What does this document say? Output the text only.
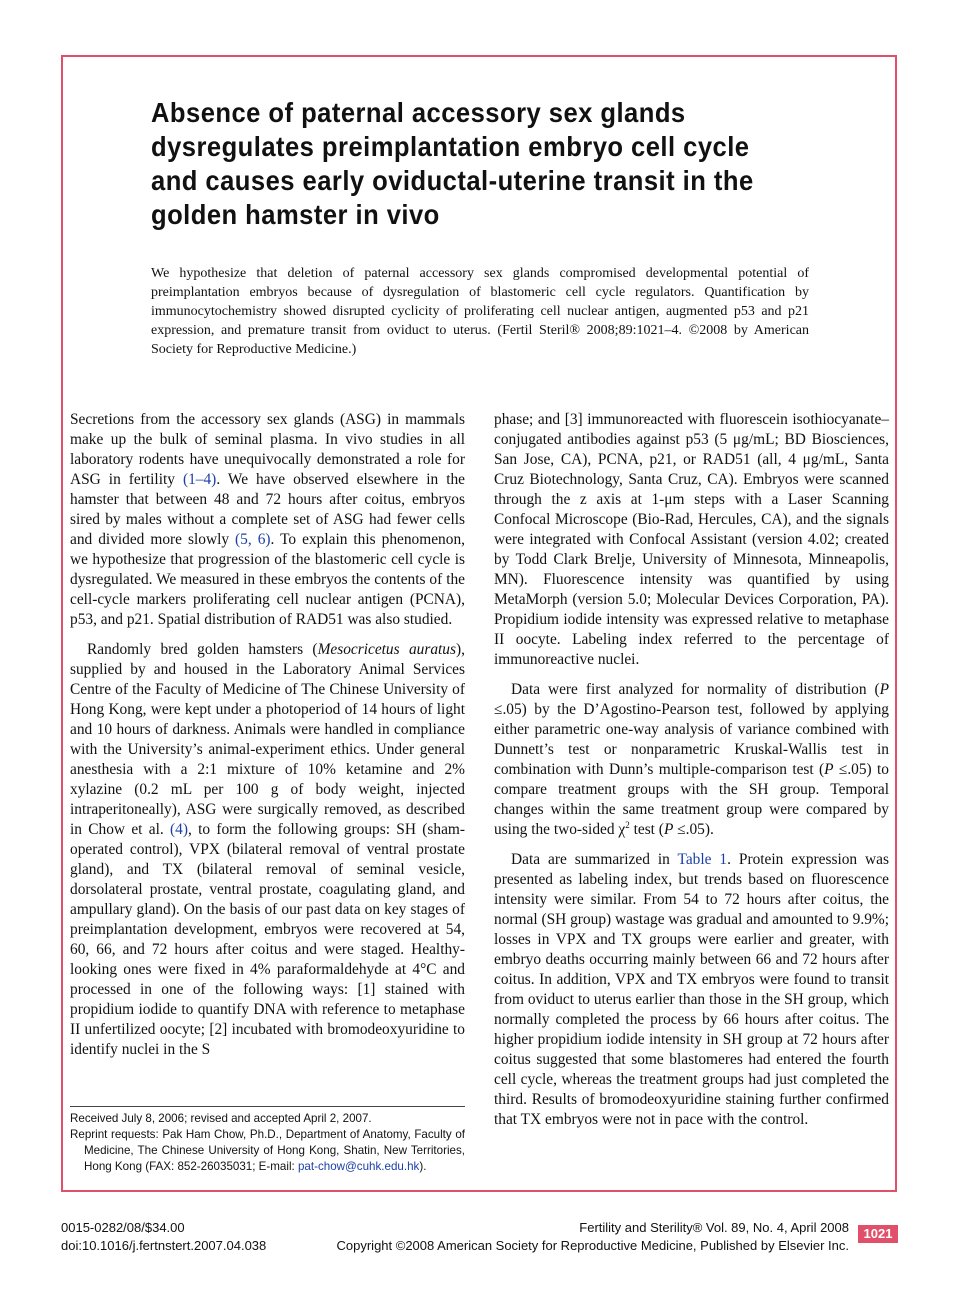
Absence of paternal accessory sex glands dysregulates preimplantation embryo cell cycle and causes early oviductal-uterine transit in the golden hamster in vivo

We hypothesize that deletion of paternal accessory sex glands compromised developmental potential of preimplantation embryos because of dysregulation of blastomeric cell cycle regulators. Quantification by immunocytochemistry showed disrupted cyclicity of proliferating cell nuclear antigen, augmented p53 and p21 expression, and premature transit from oviduct to uterus. (Fertil Steril® 2008;89:1021–4. ©2008 by American Society for Reproductive Medicine.)

Secretions from the accessory sex glands (ASG) in mammals make up the bulk of seminal plasma. In vivo studies in all laboratory rodents have unequivocally demonstrated a role for ASG in fertility (1–4). We have observed elsewhere in the hamster that between 48 and 72 hours after coitus, embryos sired by males without a complete set of ASG had fewer cells and divided more slowly (5, 6). To explain this phenomenon, we hypothesize that progression of the blastomeric cell cycle is dysregulated. We measured in these embryos the contents of the cell-cycle markers proliferating cell nuclear antigen (PCNA), p53, and p21. Spatial distribution of RAD51 was also studied.

Randomly bred golden hamsters (Mesocricetus auratus), supplied by and housed in the Laboratory Animal Services Centre of the Faculty of Medicine of The Chinese University of Hong Kong, were kept under a photoperiod of 14 hours of light and 10 hours of darkness. Animals were handled in compliance with the University’s animal-experiment ethics. Under general anesthesia with a 2:1 mixture of 10% ketamine and 2% xylazine (0.2 mL per 100 g of body weight, injected intraperitoneally), ASG were surgically removed, as described in Chow et al. (4), to form the following groups: SH (sham-operated control), VPX (bilateral removal of ventral prostate gland), and TX (bilateral removal of seminal vesicle, dorsolateral prostate, ventral prostate, coagulating gland, and ampullary gland). On the basis of our past data on key stages of preimplantation development, embryos were recovered at 54, 60, 66, and 72 hours after coitus and were staged. Healthy-looking ones were fixed in 4% paraformaldehyde at 4°C and processed in one of the following ways: [1] stained with propidium iodide to quantify DNA with reference to metaphase II unfertilized oocyte; [2] incubated with bromodeoxyuridine to identify nuclei in the S

phase; and [3] immunoreacted with fluorescein isothiocyanate–conjugated antibodies against p53 (5 μg/mL; BD Biosciences, San Jose, CA), PCNA, p21, or RAD51 (all, 4 μg/mL, Santa Cruz Biotechnology, Santa Cruz, CA). Embryos were scanned through the z axis at 1-μm steps with a Laser Scanning Confocal Microscope (Bio-Rad, Hercules, CA), and the signals were integrated with Confocal Assistant (version 4.02; created by Todd Clark Brelje, University of Minnesota, Minneapolis, MN). Fluorescence intensity was quantified by using MetaMorph (version 5.0; Molecular Devices Corporation, PA). Propidium iodide intensity was expressed relative to metaphase II oocyte. Labeling index referred to the percentage of immunoreactive nuclei.

Data were first analyzed for normality of distribution (P ≤.05) by the D’Agostino-Pearson test, followed by applying either parametric one-way analysis of variance combined with Dunnett’s test or nonparametric Kruskal-Wallis test in combination with Dunn’s multiple-comparison test (P ≤.05) to compare treatment groups with the SH group. Temporal changes within the same treatment group were compared by using the two-sided $\chi^2$ test (P ≤.05).

Data are summarized in Table 1. Protein expression was presented as labeling index, but trends based on fluorescence intensity were similar. From 54 to 72 hours after coitus, the normal (SH group) wastage was gradual and amounted to 9.9%; losses in VPX and TX groups were earlier and greater, with embryo deaths occurring mainly between 66 and 72 hours after coitus. In addition, VPX and TX embryos were found to transit from oviduct to uterus earlier than those in the SH group, which normally completed the process by 66 hours after coitus. The higher propidium iodide intensity in SH group at 72 hours after coitus suggested that some blastomeres had entered the fourth cell cycle, whereas the treatment groups had just completed the third. Results of bromodeoxyuridine staining further confirmed that TX embryos were not in pace with the control.

Received July 8, 2006; revised and accepted April 2, 2007.

Reprint requests: Pak Ham Chow, Ph.D., Department of Anatomy, Faculty of Medicine, The Chinese University of Hong Kong, Shatin, New Territories, Hong Kong (FAX: 852-26035031; E-mail: pat-chow@cuhk.edu.hk).

0015-0282/08/$34.00
doi:10.1016/j.fertnstert.2007.04.038
Fertility and Sterility® Vol. 89, No. 4, April 2008
Copyright ©2008 American Society for Reproductive Medicine, Published by Elsevier Inc.
1021
